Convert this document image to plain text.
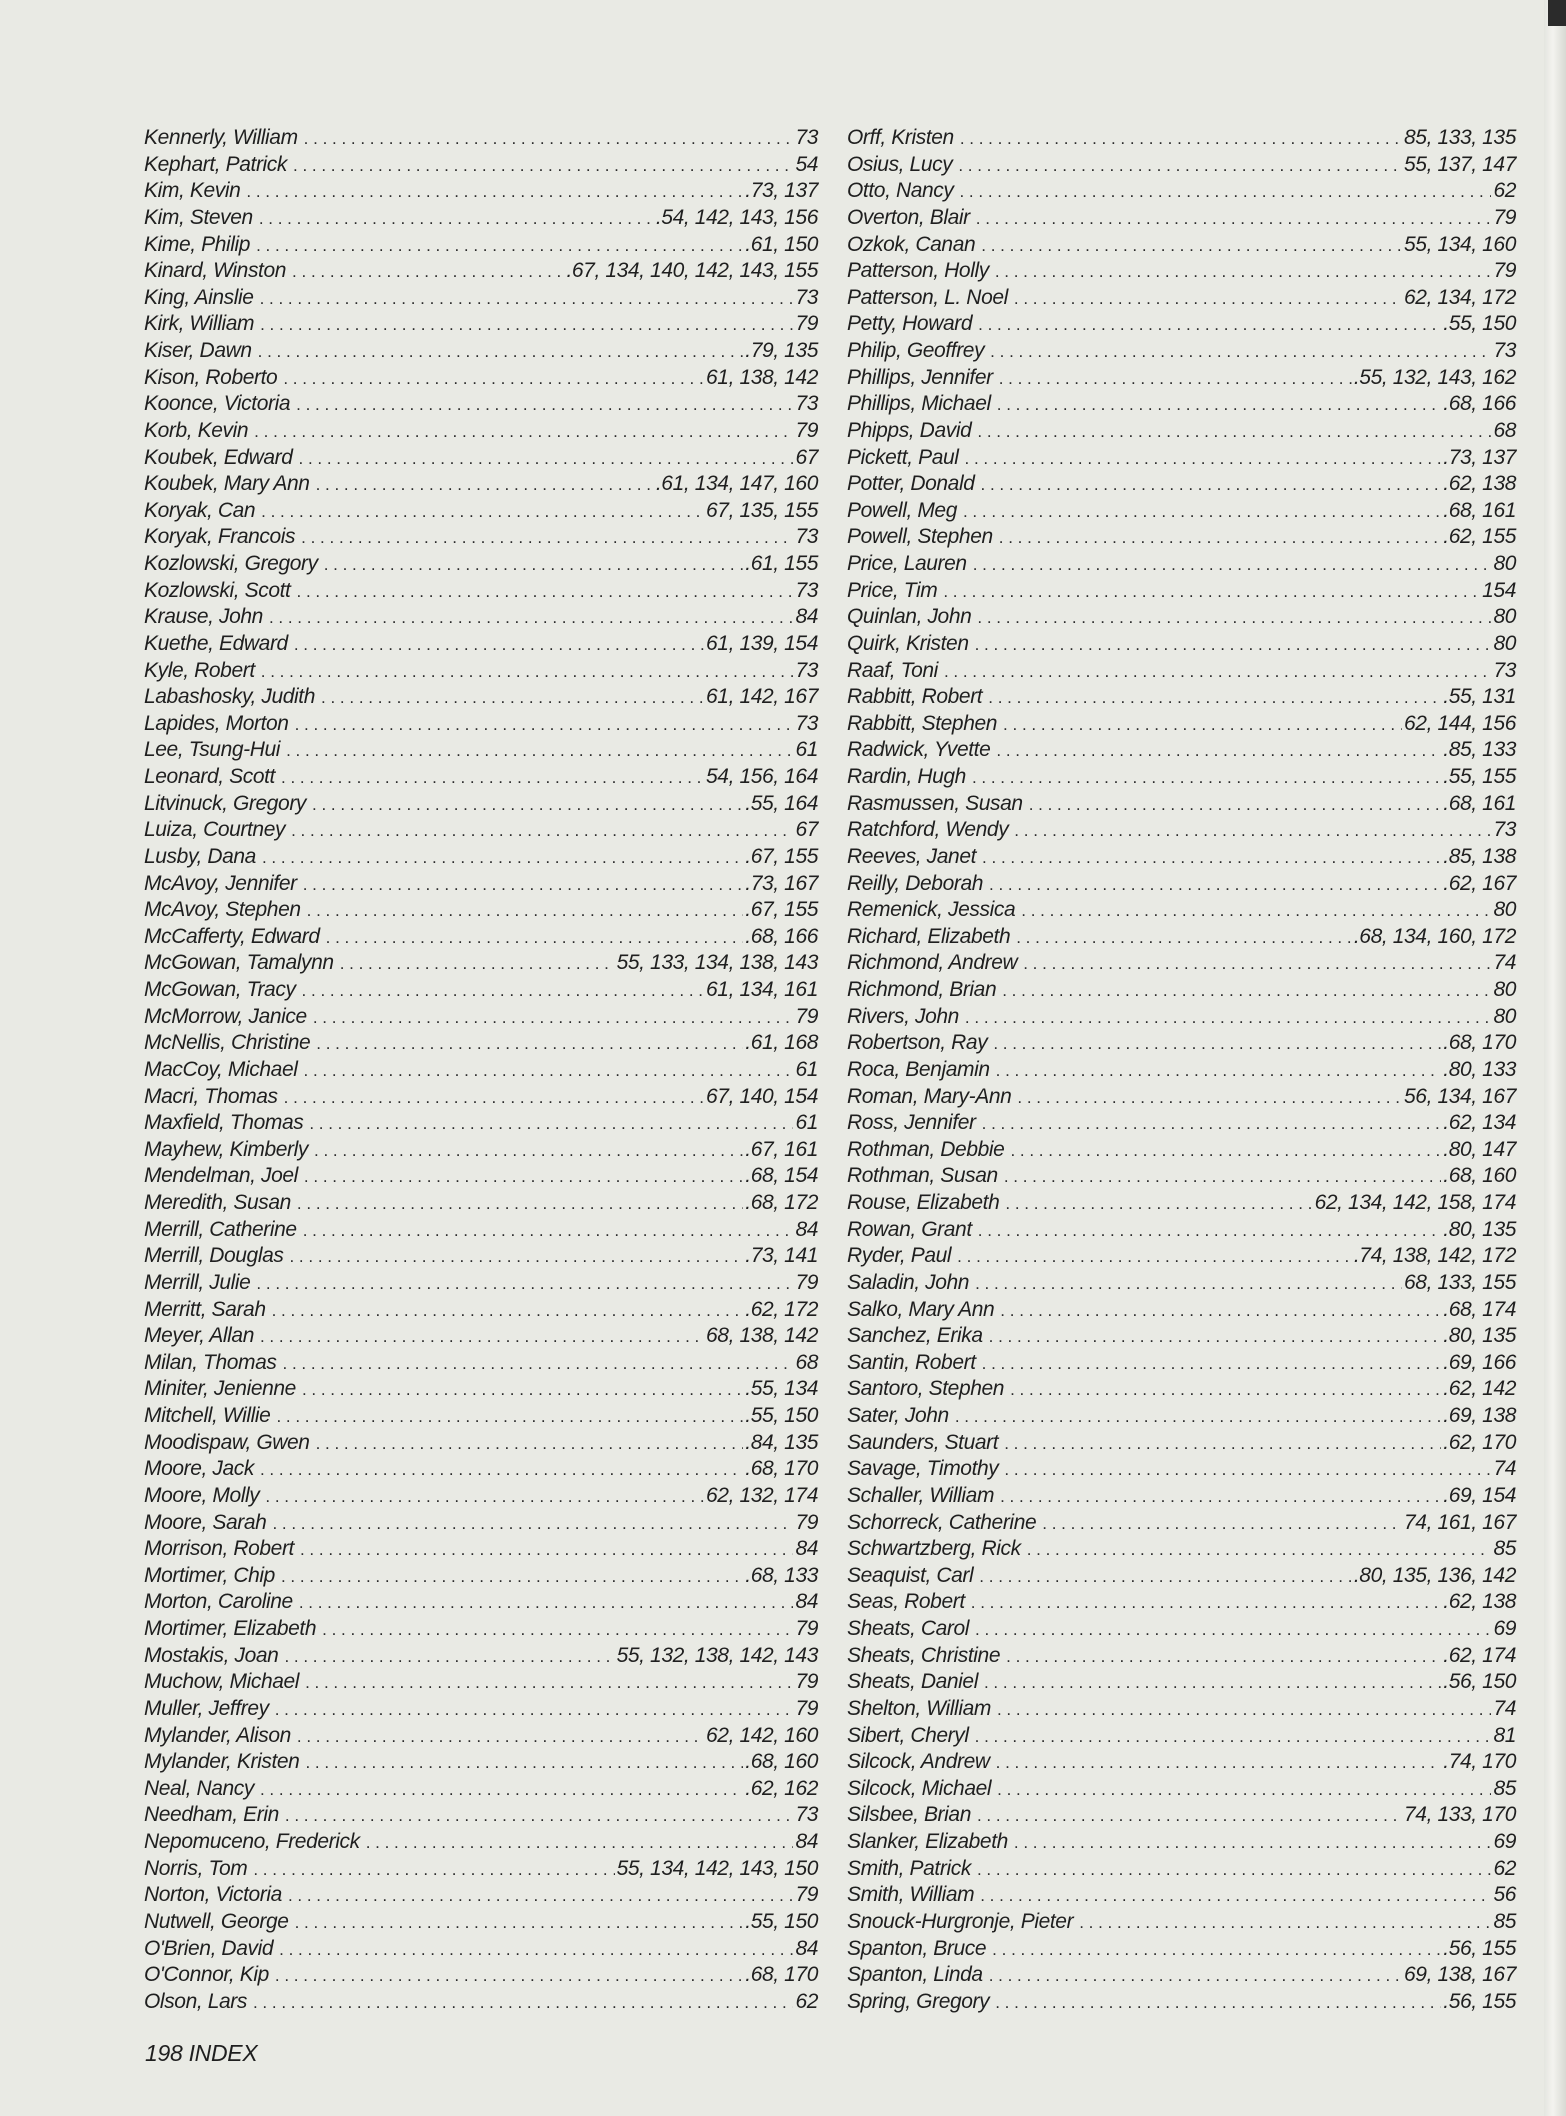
Kennerly, William . . .	73
Kephart, Patrick . . .	54
Kim, Kevin . . .	.73, 137
Kim, Steven . . .	.54, 142, 143, 156
Kime, Philip . . .	.61, 150
Kinard, Winston . . .	.67, 134, 140, 142, 143, 155
King, Ainslie . . .	73
Kirk, William . . .	79
Kiser, Dawn . . .	.79, 135
Kison, Roberto . . .	61, 138, 142
Koonce, Victoria . . .	73
Korb, Kevin . . .	79
Koubek, Edward . . .	67
Koubek, Mary Ann . . .	.61, 134, 147, 160
Koryak, Can . . .	67, 135, 155
Koryak, Francois . . .	73
Kozlowski, Gregory . . .	.61, 155
Kozlowski, Scott . . .	73
Krause, John . . .	84
Kuethe, Edward . . .	61, 139, 154
Kyle, Robert . . .	73
Labashosky, Judith . . .	61, 142, 167
Lapides, Morton . . .	73
Lee, Tsung-Hui . . .	61
Leonard, Scott . . .	54, 156, 164
Litvinuck, Gregory . . .	.55, 164
Luiza, Courtney . . .	67
Lusby, Dana . . .	.67, 155
McAvoy, Jennifer . . .	.73, 167
McAvoy, Stephen . . .	.67, 155
McCafferty, Edward . . .	.68, 166
McGowan, Tamalynn . . .	55, 133, 134, 138, 143
McGowan, Tracy . . .	61, 134, 161
McMorrow, Janice . . .	79
McNellis, Christine . . .	.61, 168
MacCoy, Michael . . .	61
Macri, Thomas . . .	67, 140, 154
Maxfield, Thomas . . .	61
Mayhew, Kimberly . . .	.67, 161
Mendelman, Joel . . .	.68, 154
Meredith, Susan . . .	.68, 172
Merrill, Catherine . . .	84
Merrill, Douglas . . .	.73, 141
Merrill, Julie . . .	79
Merritt, Sarah . . .	.62, 172
Meyer, Allan . . .	68, 138, 142
Milan, Thomas . . .	68
Miniter, Jenienne . . .	.55, 134
Mitchell, Willie . . .	.55, 150
Moodispaw, Gwen . . .	.84, 135
Moore, Jack . . .	.68, 170
Moore, Molly . . .	62, 132, 174
Moore, Sarah . . .	79
Morrison, Robert . . .	84
Mortimer, Chip . . .	.68, 133
Morton, Caroline . . .	84
Mortimer, Elizabeth . . .	79
Mostakis, Joan . . .	55, 132, 138, 142, 143
Muchow, Michael . . .	79
Muller, Jeffrey . . .	79
Mylander, Alison . . .	62, 142, 160
Mylander, Kristen . . .	.68, 160
Neal, Nancy . . .	.62, 162
Needham, Erin . . .	73
Nepomuceno, Frederick . . .	84
Norris, Tom . . .	55, 134, 142, 143, 150
Norton, Victoria . . .	79
Nutwell, George . . .	.55, 150
O'Brien, David . . .	84
O'Connor, Kip . . .	.68, 170
Olson, Lars . . .	62
Orff, Kristen . . .	85, 133, 135
Osius, Lucy . . .	55, 137, 147
Otto, Nancy . . .	62
Overton, Blair . . .	79
Ozkok, Canan . . .	55, 134, 160
Patterson, Holly . . .	79
Patterson, L. Noel . . .	62, 134, 172
Petty, Howard . . .	.55, 150
Philip, Geoffrey . . .	73
Phillips, Jennifer . . .	.55, 132, 143, 162
Phillips, Michael . . .	.68, 166
Phipps, David . . .	68
Pickett, Paul . . .	.73, 137
Potter, Donald . . .	.62, 138
Powell, Meg . . .	.68, 161
Powell, Stephen . . .	.62, 155
Price, Lauren . . .	80
Price, Tim . . .	154
Quinlan, John . . .	80
Quirk, Kristen . . .	80
Raaf, Toni . . .	73
Rabbitt, Robert . . .	.55, 131
Rabbitt, Stephen . . .	62, 144, 156
Radwick, Yvette . . .	.85, 133
Rardin, Hugh . . .	.55, 155
Rasmussen, Susan . . .	.68, 161
Ratchford, Wendy . . .	73
Reeves, Janet . . .	.85, 138
Reilly, Deborah . . .	.62, 167
Remenick, Jessica . . .	80
Richard, Elizabeth . . .	.68, 134, 160, 172
Richmond, Andrew . . .	74
Richmond, Brian . . .	80
Rivers, John . . .	80
Robertson, Ray . . .	.68, 170
Roca, Benjamin . . .	.80, 133
Roman, Mary-Ann . . .	56, 134, 167
Ross, Jennifer . . .	.62, 134
Rothman, Debbie . . .	.80, 147
Rothman, Susan . . .	.68, 160
Rouse, Elizabeth . . .	62, 134, 142, 158, 174
Rowan, Grant . . .	.80, 135
Ryder, Paul . . .	.74, 138, 142, 172
Saladin, John . . .	68, 133, 155
Salko, Mary Ann . . .	.68, 174
Sanchez, Erika . . .	.80, 135
Santin, Robert . . .	.69, 166
Santoro, Stephen . . .	.62, 142
Sater, John . . .	.69, 138
Saunders, Stuart . . .	.62, 170
Savage, Timothy . . .	74
Schaller, William . . .	.69, 154
Schorreck, Catherine . . .	74, 161, 167
Schwartzberg, Rick . . .	85
Seaquist, Carl . . .	.80, 135, 136, 142
Seas, Robert . . .	.62, 138
Sheats, Carol . . .	69
Sheats, Christine . . .	.62, 174
Sheats, Daniel . . .	.56, 150
Shelton, William . . .	74
Sibert, Cheryl . . .	81
Silcock, Andrew . . .	.74, 170
Silcock, Michael . . .	85
Silsbee, Brian . . .	74, 133, 170
Slanker, Elizabeth . . .	69
Smith, Patrick . . .	62
Smith, William . . .	56
Snouck-Hurgronje, Pieter . . .	85
Spanton, Bruce . . .	.56, 155
Spanton, Linda . . .	69, 138, 167
Spring, Gregory . . .	.56, 155
198 INDEX
